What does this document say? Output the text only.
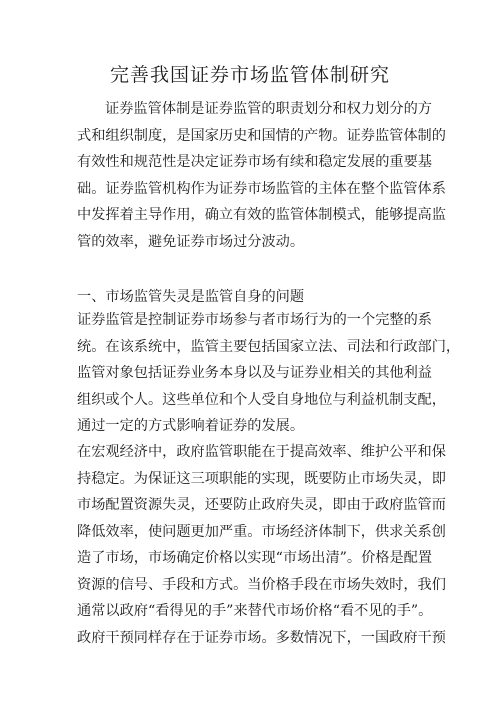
完善我国证券市场监管体制研究
证券监管体制是证券监管的职责划分和权力划分的方
式和组织制度，是国家历史和国情的产物。证券监管体制的
有效性和规范性是决定证券市场有续和稳定发展的重要基
础。证券监管机构作为证券市场监管的主体在整个监管体系
中发挥着主导作用，确立有效的监管体制模式，能够提高监
管的效率，避免证券市场过分波动。
一、市场监管失灵是监管自身的问题
证券监管是控制证券市场参与者市场行为的一个完整的系
统。在该系统中，监管主要包括国家立法、司法和行政部门，
监管对象包括证券业务本身以及与证券业相关的其他利益
组织或个人。这些单位和个人受自身地位与利益机制支配，
通过一定的方式影响着证券的发展。
在宏观经济中，政府监管职能在于提高效率、维护公平和保
持稳定。为保证这三项职能的实现，既要防止市场失灵，即
市场配置资源失灵，还要防止政府失灵，即由于政府监管而
降低效率，使问题更加严重。市场经济体制下，供求关系创
造了市场，市场确定价格以实现“市场出清”。价格是配置
资源的信号、手段和方式。当价格手段在市场失效时，我们
通常以政府“看得见的手”来替代市场价格“看不见的手”。
政府干预同样存在于证券市场。多数情况下，一国政府干预
